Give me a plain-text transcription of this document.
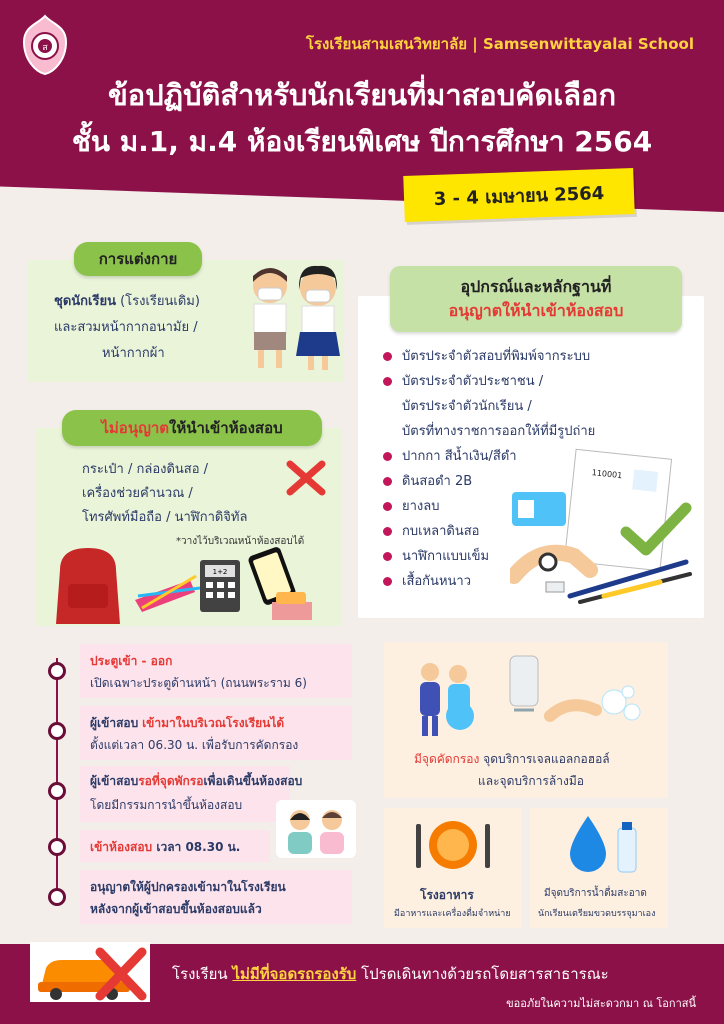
ส	โรงเรียนสามเสนวิทยาลัย | Samsenwittayalai School
ข้อปฏิบัติสำหรับนักเรียนที่มาสอบคัดเลือก
ชั้น ม.1, ม.4 ห้องเรียนพิเศษ ปีการศึกษา 2564
3 - 4 เมษายน 2564
การแต่งกาย
ชุดนักเรียน (โรงเรียนเดิม)
และสวมหน้ากากอนามัย /
หน้ากากผ้า
ไม่อนุญาต ให้นำเข้าห้องสอบ
กระเป๋า / กล่องดินสอ /
เครื่องช่วยคำนวณ /
โทรศัพท์มือถือ / นาฬิกาดิจิทัล
*วางไว้บริเวณหน้าห้องสอบได้
1+2
อุปกรณ์และหลักฐานที่
อนุญาตให้นำเข้าห้องสอบ
บัตรประจำตัวสอบที่พิมพ์จากระบบ
บัตรประจำตัวประชาชน /
บัตรประจำตัวนักเรียน /
บัตรที่ทางราชการออกให้ที่มีรูปถ่าย
ปากกา สีน้ำเงิน/สีดำ
ดินสอดำ 2B
ยางลบ
กบเหลาดินสอ
นาฬิกาแบบเข็ม
เสื้อกันหนาว
110001
ประตูเข้า - ออก
เปิดเฉพาะประตูด้านหน้า (ถนนพระราม 6)
ผู้เข้าสอบ เข้ามาในบริเวณโรงเรียนได้
ตั้งแต่เวลา 06.30 น. เพื่อรับการคัดกรอง
ผู้เข้าสอบรอที่จุดพักรอเพื่อเดินขึ้นห้องสอบ
โดยมีกรรมการนำขึ้นห้องสอบ
เข้าห้องสอบ เวลา 08.30 น.
อนุญาตให้ผู้ปกครองเข้ามาในโรงเรียน
หลังจากผู้เข้าสอบขึ้นห้องสอบแล้ว
มีจุดคัดกรอง จุดบริการเจลแอลกอฮอล์
และจุดบริการล้างมือ
โรงอาหาร
มีอาหารและเครื่องดื่มจำหน่าย
มีจุดบริการน้ำดื่มสะอาด
นักเรียนเตรียมขวดบรรจุมาเอง
โรงเรียน ไม่มีที่จอดรถรองรับ โปรดเดินทางด้วยรถโดยสารสาธารณะ
ขออภัยในความไม่สะดวกมา ณ โอกาสนี้
